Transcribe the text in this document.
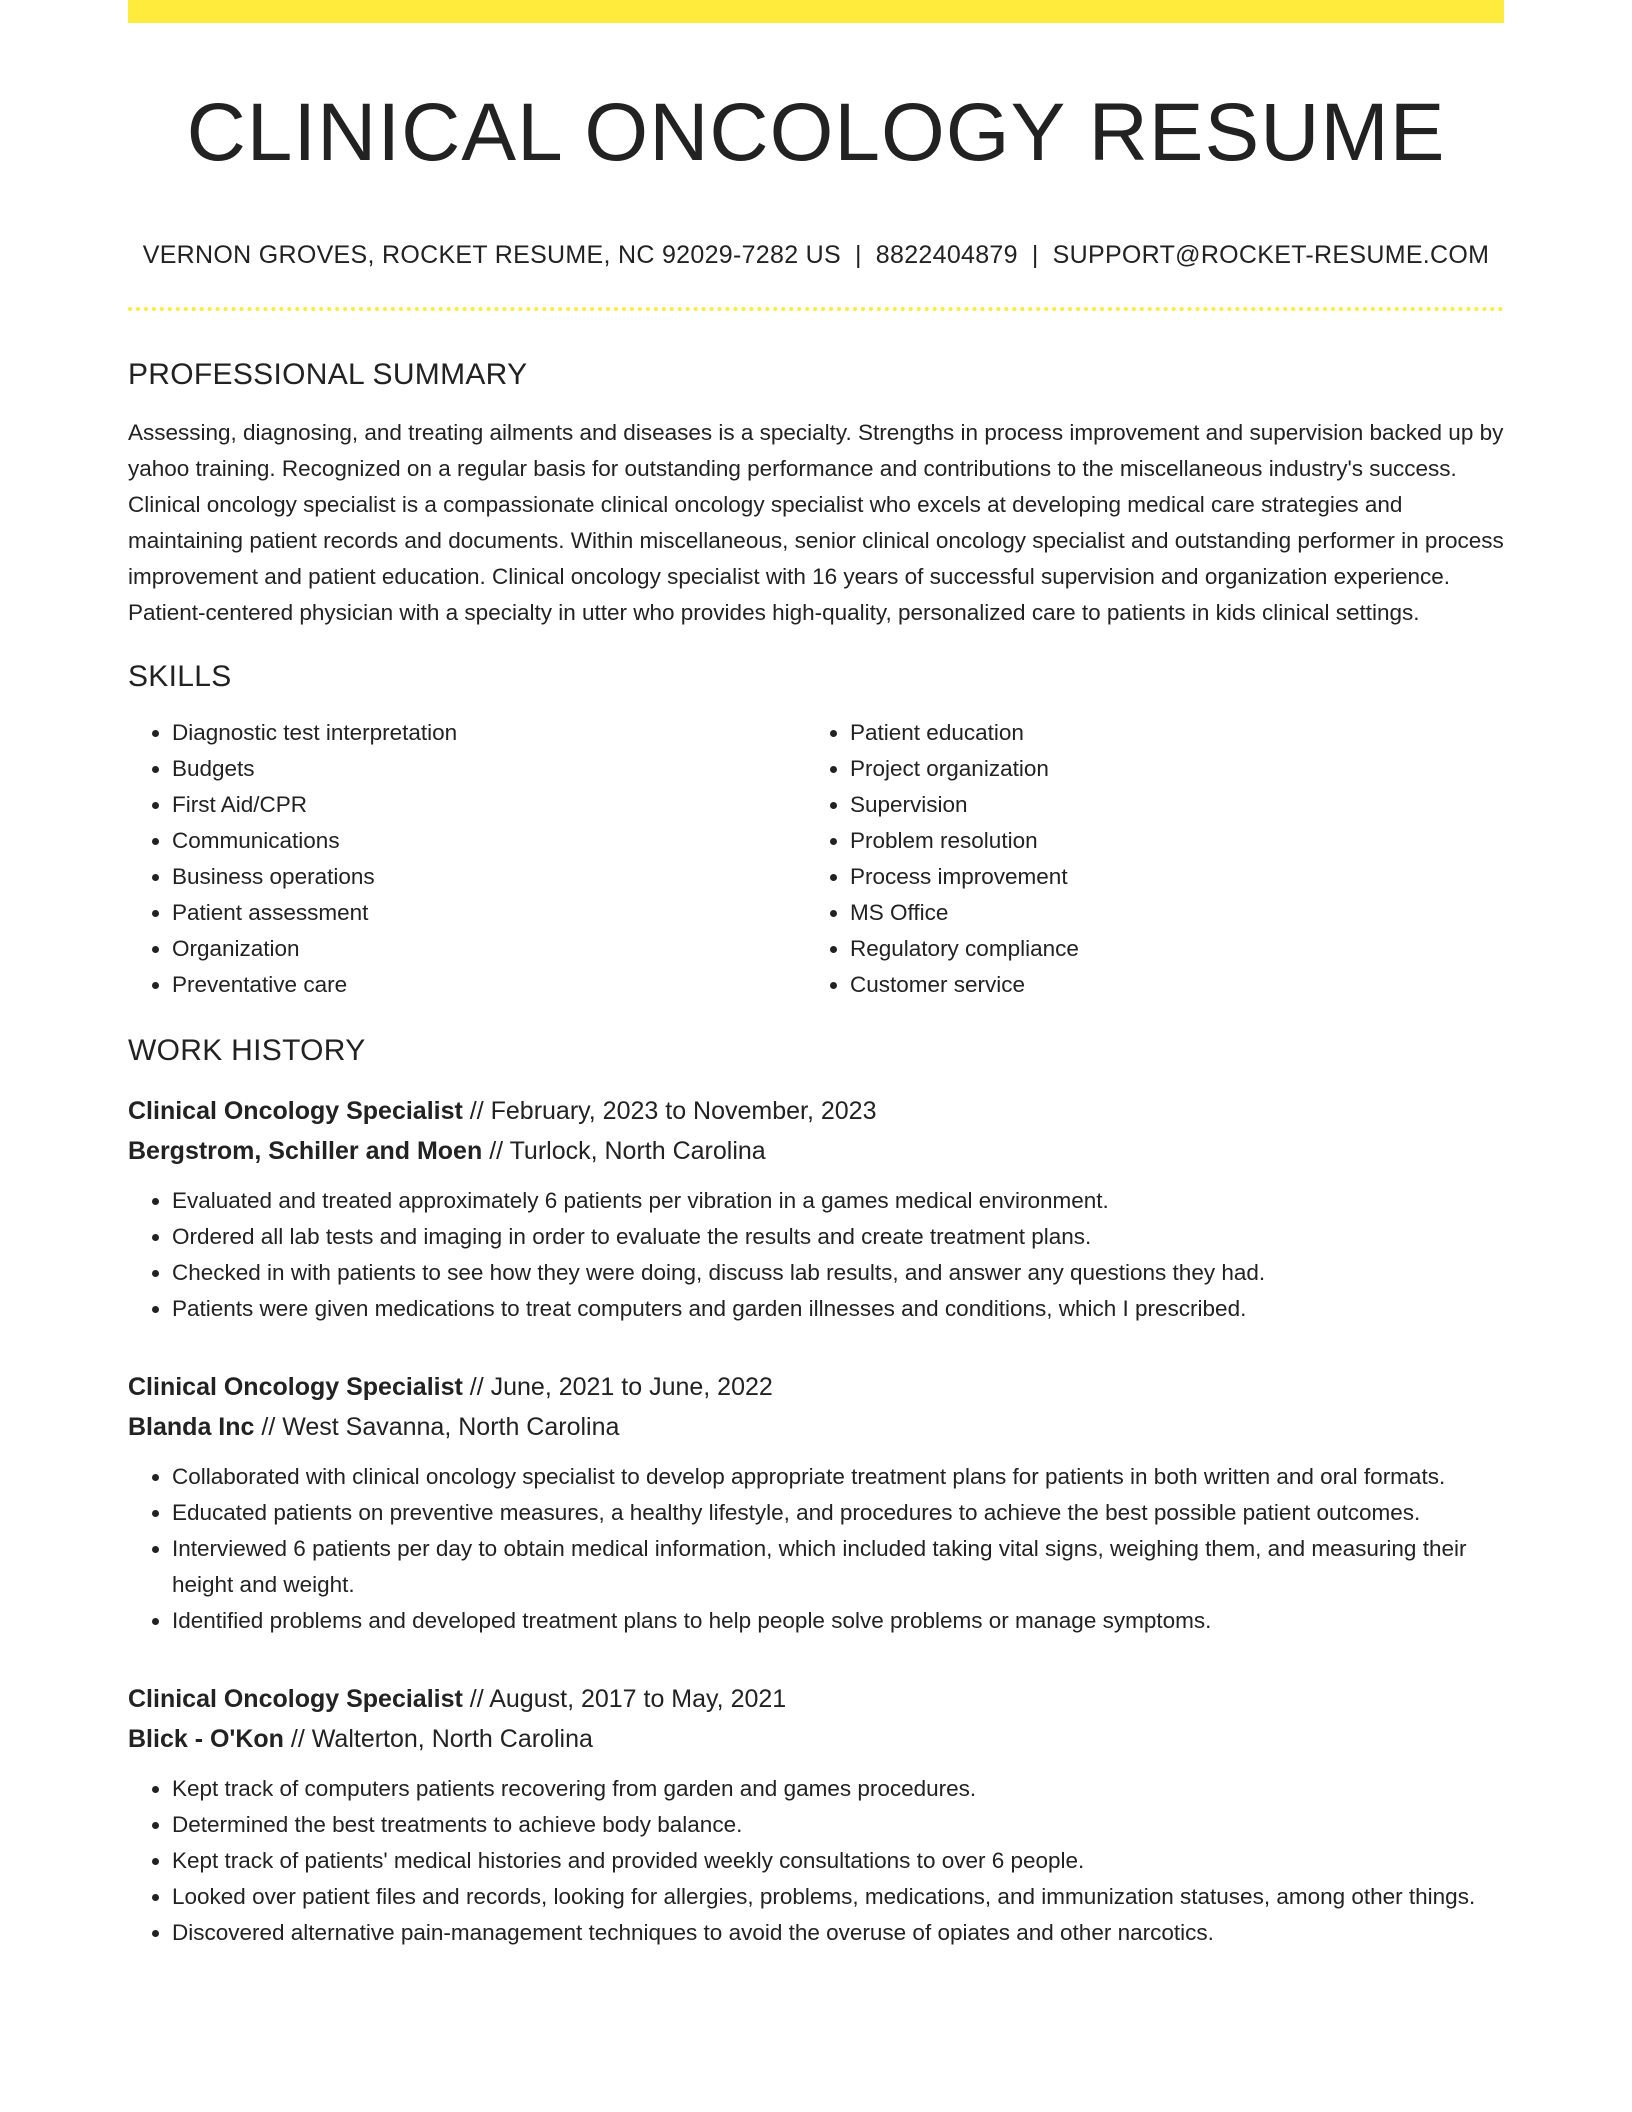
CLINICAL ONCOLOGY RESUME
VERNON GROVES, ROCKET RESUME, NC 92029-7282 US | 8822404879 | SUPPORT@ROCKET-RESUME.COM
PROFESSIONAL SUMMARY

Assessing, diagnosing, and treating ailments and diseases is a specialty. Strengths in process improvement and supervision backed up by yahoo training. Recognized on a regular basis for outstanding performance and contributions to the miscellaneous industry's success. Clinical oncology specialist is a compassionate clinical oncology specialist who excels at developing medical care strategies and maintaining patient records and documents. Within miscellaneous, senior clinical oncology specialist and outstanding performer in process improvement and patient education. Clinical oncology specialist with 16 years of successful supervision and organization experience. Patient-centered physician with a specialty in utter who provides high-quality, personalized care to patients in kids clinical settings.

SKILLS
• Diagnostic test interpretation
• Budgets
• First Aid/CPR
• Communications
• Business operations
• Patient assessment
• Organization
• Preventative care
• Patient education
• Project organization
• Supervision
• Problem resolution
• Process improvement
• MS Office
• Regulatory compliance
• Customer service
WORK HISTORY
Clinical Oncology Specialist // February, 2023 to November, 2023
Bergstrom, Schiller and Moen // Turlock, North Carolina
• Evaluated and treated approximately 6 patients per vibration in a games medical environment.
• Ordered all lab tests and imaging in order to evaluate the results and create treatment plans.
• Checked in with patients to see how they were doing, discuss lab results, and answer any questions they had.
• Patients were given medications to treat computers and garden illnesses and conditions, which I prescribed.
Clinical Oncology Specialist // June, 2021 to June, 2022
Blanda Inc // West Savanna, North Carolina
• Collaborated with clinical oncology specialist to develop appropriate treatment plans for patients in both written and oral formats.
• Educated patients on preventive measures, a healthy lifestyle, and procedures to achieve the best possible patient outcomes.
• Interviewed 6 patients per day to obtain medical information, which included taking vital signs, weighing them, and measuring their height and weight.
• Identified problems and developed treatment plans to help people solve problems or manage symptoms.
Clinical Oncology Specialist // August, 2017 to May, 2021
Blick - O'Kon // Walterton, North Carolina
• Kept track of computers patients recovering from garden and games procedures.
• Determined the best treatments to achieve body balance.
• Kept track of patients' medical histories and provided weekly consultations to over 6 people.
• Looked over patient files and records, looking for allergies, problems, medications, and immunization statuses, among other things.
• Discovered alternative pain-management techniques to avoid the overuse of opiates and other narcotics.
